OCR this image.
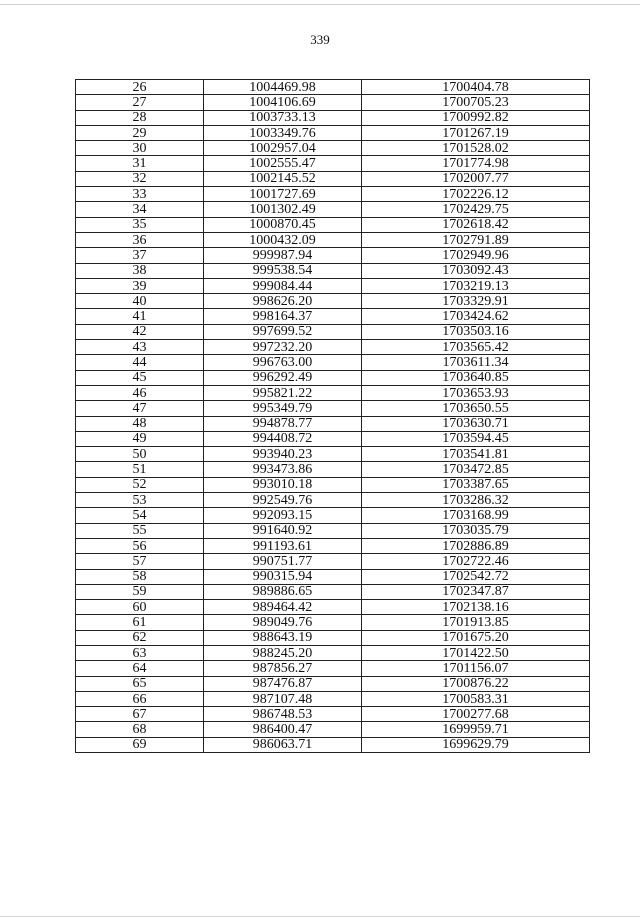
339
26	1004469.98	1700404.78
27	1004106.69	1700705.23
28	1003733.13	1700992.82
29	1003349.76	1701267.19
30	1002957.04	1701528.02
31	1002555.47	1701774.98
32	1002145.52	1702007.77
33	1001727.69	1702226.12
34	1001302.49	1702429.75
35	1000870.45	1702618.42
36	1000432.09	1702791.89
37	999987.94	1702949.96
38	999538.54	1703092.43
39	999084.44	1703219.13
40	998626.20	1703329.91
41	998164.37	1703424.62
42	997699.52	1703503.16
43	997232.20	1703565.42
44	996763.00	1703611.34
45	996292.49	1703640.85
46	995821.22	1703653.93
47	995349.79	1703650.55
48	994878.77	1703630.71
49	994408.72	1703594.45
50	993940.23	1703541.81
51	993473.86	1703472.85
52	993010.18	1703387.65
53	992549.76	1703286.32
54	992093.15	1703168.99
55	991640.92	1703035.79
56	991193.61	1702886.89
57	990751.77	1702722.46
58	990315.94	1702542.72
59	989886.65	1702347.87
60	989464.42	1702138.16
61	989049.76	1701913.85
62	988643.19	1701675.20
63	988245.20	1701422.50
64	987856.27	1701156.07
65	987476.87	1700876.22
66	987107.48	1700583.31
67	986748.53	1700277.68
68	986400.47	1699959.71
69	986063.71	1699629.79
